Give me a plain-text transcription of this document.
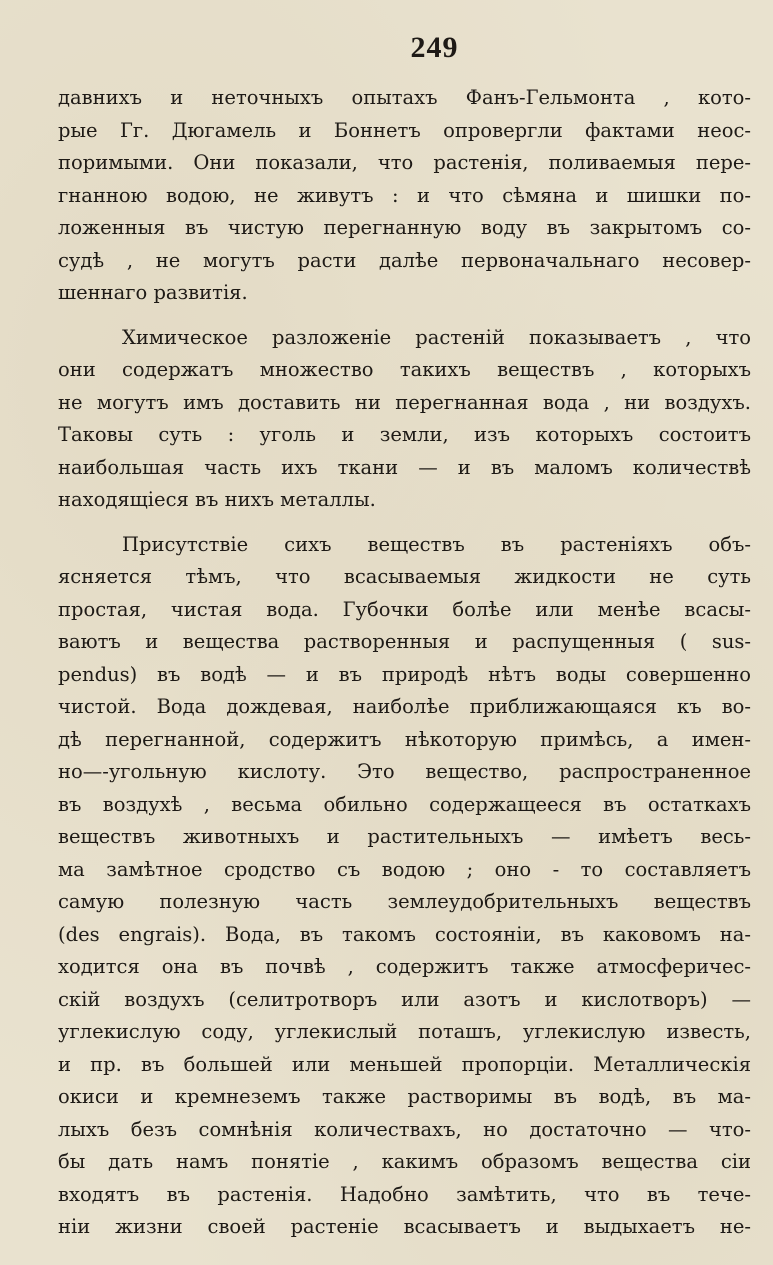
249
давнихъ и неточныхъ опытахъ Фанъ-Гельмонта , кото-
рые Гг. Дюгамель и Боннетъ опровергли фактами неос-
поримыми. Они показали, что растенія, поливаемыя пере-
гнанною водою, не живутъ : и что сѣмяна и шишки по-
ложенныя въ чистую перегнанную воду въ закрытомъ со-
судѣ , не могутъ расти далѣе первоначальнаго несовер-
шеннаго развитія.
Химическое разложеніе растеній показываетъ , что
они содержатъ множество такихъ веществъ , которыхъ
не могутъ имъ доставить ни перегнанная вода , ни воздухъ.
Таковы суть : уголь и земли, изъ которыхъ состоитъ
наибольшая часть ихъ ткани — и въ маломъ количествѣ
находящіеся въ нихъ металлы.
Присутствіе сихъ веществъ въ растеніяхъ объ-
ясняется тѣмъ, что всасываемыя жидкости не суть
простая, чистая вода. Губочки болѣе или менѣе всасы-
ваютъ и вещества растворенныя и распущенныя ( sus-
pendus) въ водѣ — и въ природѣ нѣтъ воды совершенно
чистой. Вода дождевая, наиболѣе приближающаяся къ во-
дѣ перегнанной, содержитъ нѣкоторую примѣсь, а имен-
но—-угольную кислоту. Это вещество, распространенное
въ воздухѣ , весьма обильно содержащееся въ остаткахъ
веществъ животныхъ и растительныхъ — имѣетъ весь-
ма замѣтное сродство съ водою ; оно - то составляетъ
самую полезную часть землеудобрительныхъ веществъ
(des engrais). Вода, въ такомъ состояніи, въ каковомъ на-
ходится она въ почвѣ , содержитъ также атмосферичес-
скій воздухъ (селитротворъ или азотъ и кислотворъ) —
углекислую соду, углекислый поташъ, углекислую известь,
и пр. въ большей или меньшей пропорціи. Металлическія
окиси и кремнеземъ также растворимы въ водѣ, въ ма-
лыхъ безъ сомнѣнія количествахъ, но достаточно — что-
бы дать намъ понятіе , какимъ образомъ вещества сіи
входятъ въ растенія. Надобно замѣтить, что въ тече-
ніи жизни своей растеніе всасываетъ и выдыхаетъ не-
